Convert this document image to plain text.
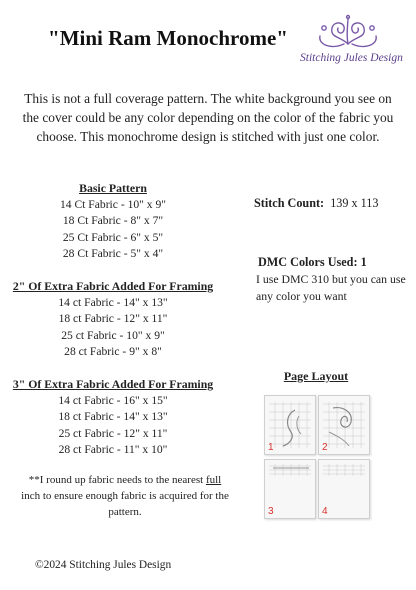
"Mini Ram Monochrome"
Stitching Jules Design
This is not a full coverage pattern. The white background you see on the cover could be any color depending on the color of the fabric you choose. This monochrome design is stitched with just one color.
Basic Pattern
14 Ct Fabric - 10" x 9"
18 Ct Fabric - 8" x 7"
25 Ct Fabric - 6" x 5"
28 Ct Fabric - 5" x 4"
2" Of Extra Fabric Added For Framing
14 ct Fabric - 14" x 13"
18 ct Fabric - 12" x 11"
25 ct Fabric - 10" x 9"
28 ct Fabric - 9" x 8"
3" Of Extra Fabric Added For Framing
14 ct Fabric - 16" x 15"
18 ct Fabric - 14" x 13"
25 ct Fabric - 12" x 11"
28 ct Fabric - 11" x 10"
Stitch Count: 139 x 113
DMC Colors Used: 1
I use DMC 310 but you can use any color you want
Page Layout
1	2
3	4
**I round up fabric needs to the nearest full inch to ensure enough fabric is acquired for the pattern.
©2024 Stitching Jules Design
